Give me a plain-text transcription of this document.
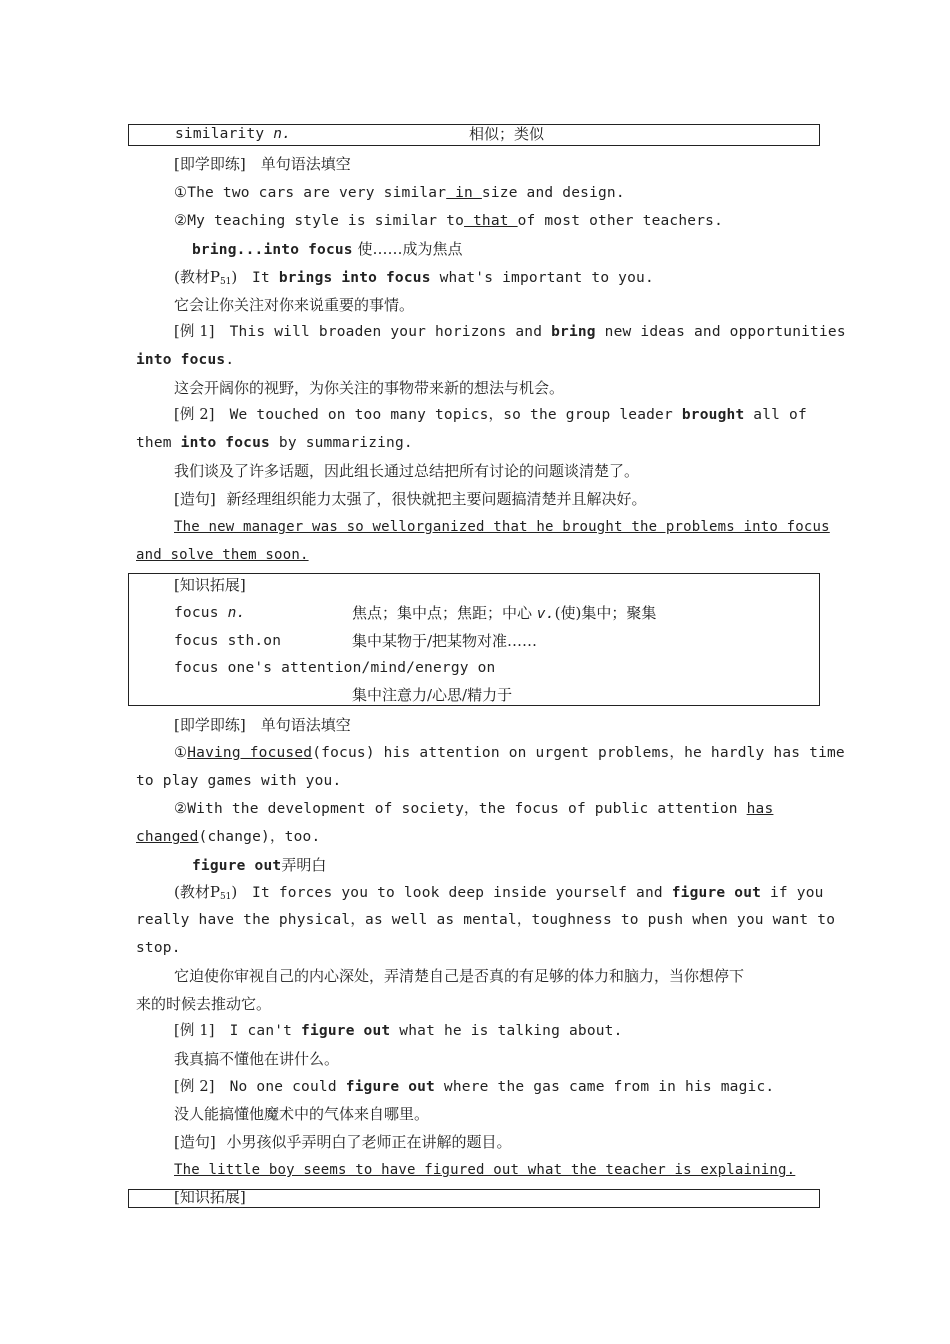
similarity n.	相似；类似
[即学即练]　单句语法填空
①The two cars are very similar in size and design.
②My teaching style is similar to that of most other teachers.
bring...into focus 使……成为焦点
(教材$P_{51}$) It brings into focus what's important to you.
它会让你关注对你来说重要的事情。
[例 1] This will broaden your horizons and bring new ideas and opportunities
into focus.
这会开阔你的视野，为你关注的事物带来新的想法与机会。
[例 2] We touched on too many topics，so the group leader brought all of
them into focus by summarizing.
我们谈及了许多话题，因此组长通过总结把所有讨论的问题谈清楚了。
[造句] 新经理组织能力太强了，很快就把主要问题搞清楚并且解决好。
The new manager was so wellorganized that he brought the problems into focus
and solve them soon.
[知识拓展]
focus n.	焦点；集中点；焦距；中心 v.(使)集中；聚集
focus sth.on	集中某物于/把某物对准……
focus one's attention/mind/energy on
集中注意力/心思/精力于
[即学即练]　单句语法填空
①Having focused(focus) his attention on urgent problems，he hardly has time
to play games with you.
②With the development of society，the focus of public attention has
changed(change)，too.
figure out弄明白
(教材$P_{51}$) It forces you to look deep inside yourself and figure out if you
really have the physical，as well as mental，toughness to push when you want to
stop.
它迫使你审视自己的内心深处，弄清楚自己是否真的有足够的体力和脑力，当你想停下
来的时候去推动它。
[例 1] I can't figure out what he is talking about.
我真搞不懂他在讲什么。
[例 2] No one could figure out where the gas came from in his magic.
没人能搞懂他魔术中的气体来自哪里。
[造句] 小男孩似乎弄明白了老师正在讲解的题目。
The little boy seems to have figured out what the teacher is explaining.
[知识拓展]
